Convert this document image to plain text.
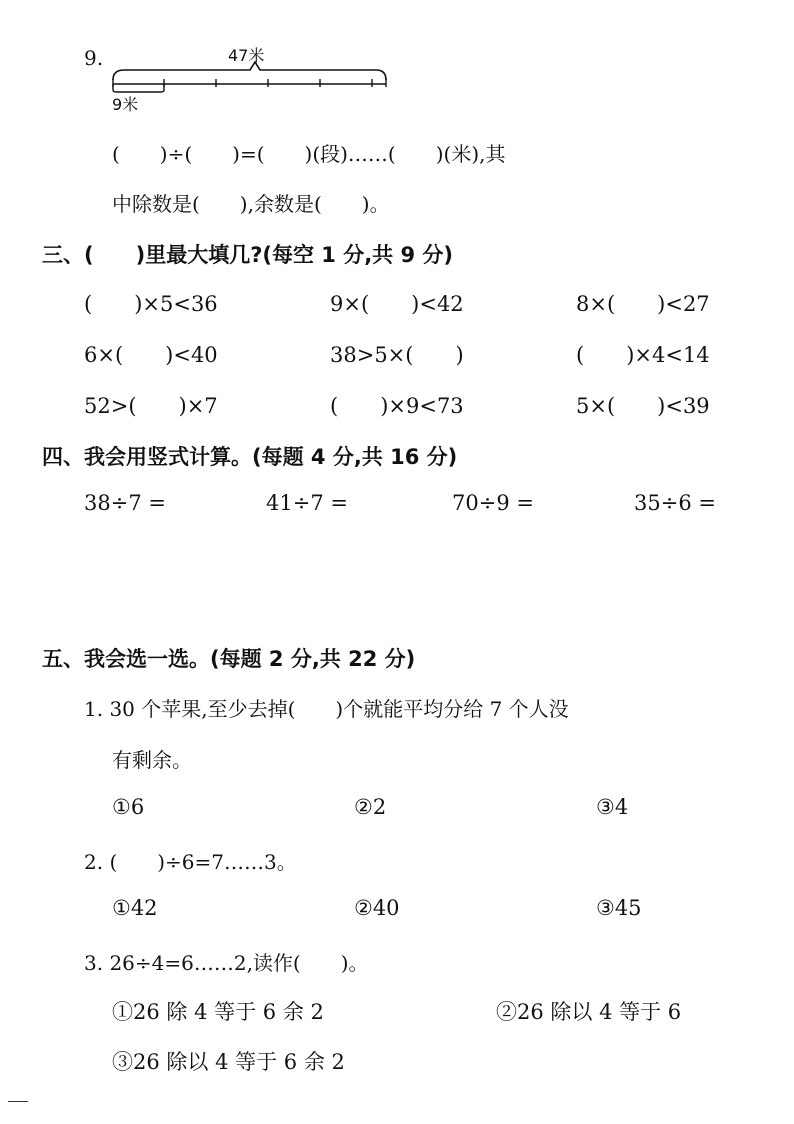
9.	47米
9米
(　　)÷(　　)=(　　)(段)……(　　)(米),其
中除数是(　　),余数是(　　)。
三、(　　)里最大填几?(每空 1 分,共 9 分)
(　　)×5<36	9×(　　)<42	8×(　　)<27
6×(　　)<40	38>5×(　　)	(　　)×4<14
52>(　　)×7	(　　)×9<73	5×(　　)<39
四、我会用竖式计算。(每题 4 分,共 16 分)
38÷7 =	41÷7 =	70÷9 =	35÷6 =
五、我会选一选。(每题 2 分,共 22 分)
1. 30 个苹果,至少去掉(　　)个就能平均分给 7 个人没
有剩余。
①6	②2	③4
2. (　　)÷6=7……3。
①42	②40	③45
3. 26÷4=6……2,读作(　　)。
①26 除 4 等于 6 余 2	②26 除以 4 等于 6
③26 除以 4 等于 6 余 2
